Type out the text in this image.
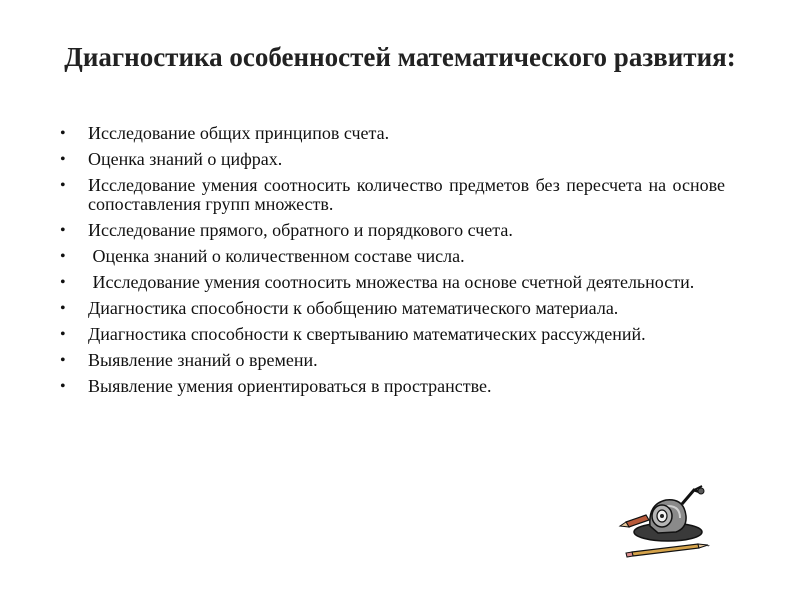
Диагностика особенностей математического развития:
• Исследование общих принципов счета.
• Оценка знаний о цифрах.
• Исследование умения соотносить количество предметов без пересчета на основе сопоставления групп множеств.
• Исследование прямого, обратного и порядкового счета.
• Оценка знаний о количественном составе числа.
• Исследование умения соотносить множества на основе счетной деятельности.
• Диагностика способности к обобщению математического материала.
• Диагностика способности к свертыванию математических рассуждений.
• Выявление знаний о времени.
• Выявление умения ориентироваться в пространстве.
